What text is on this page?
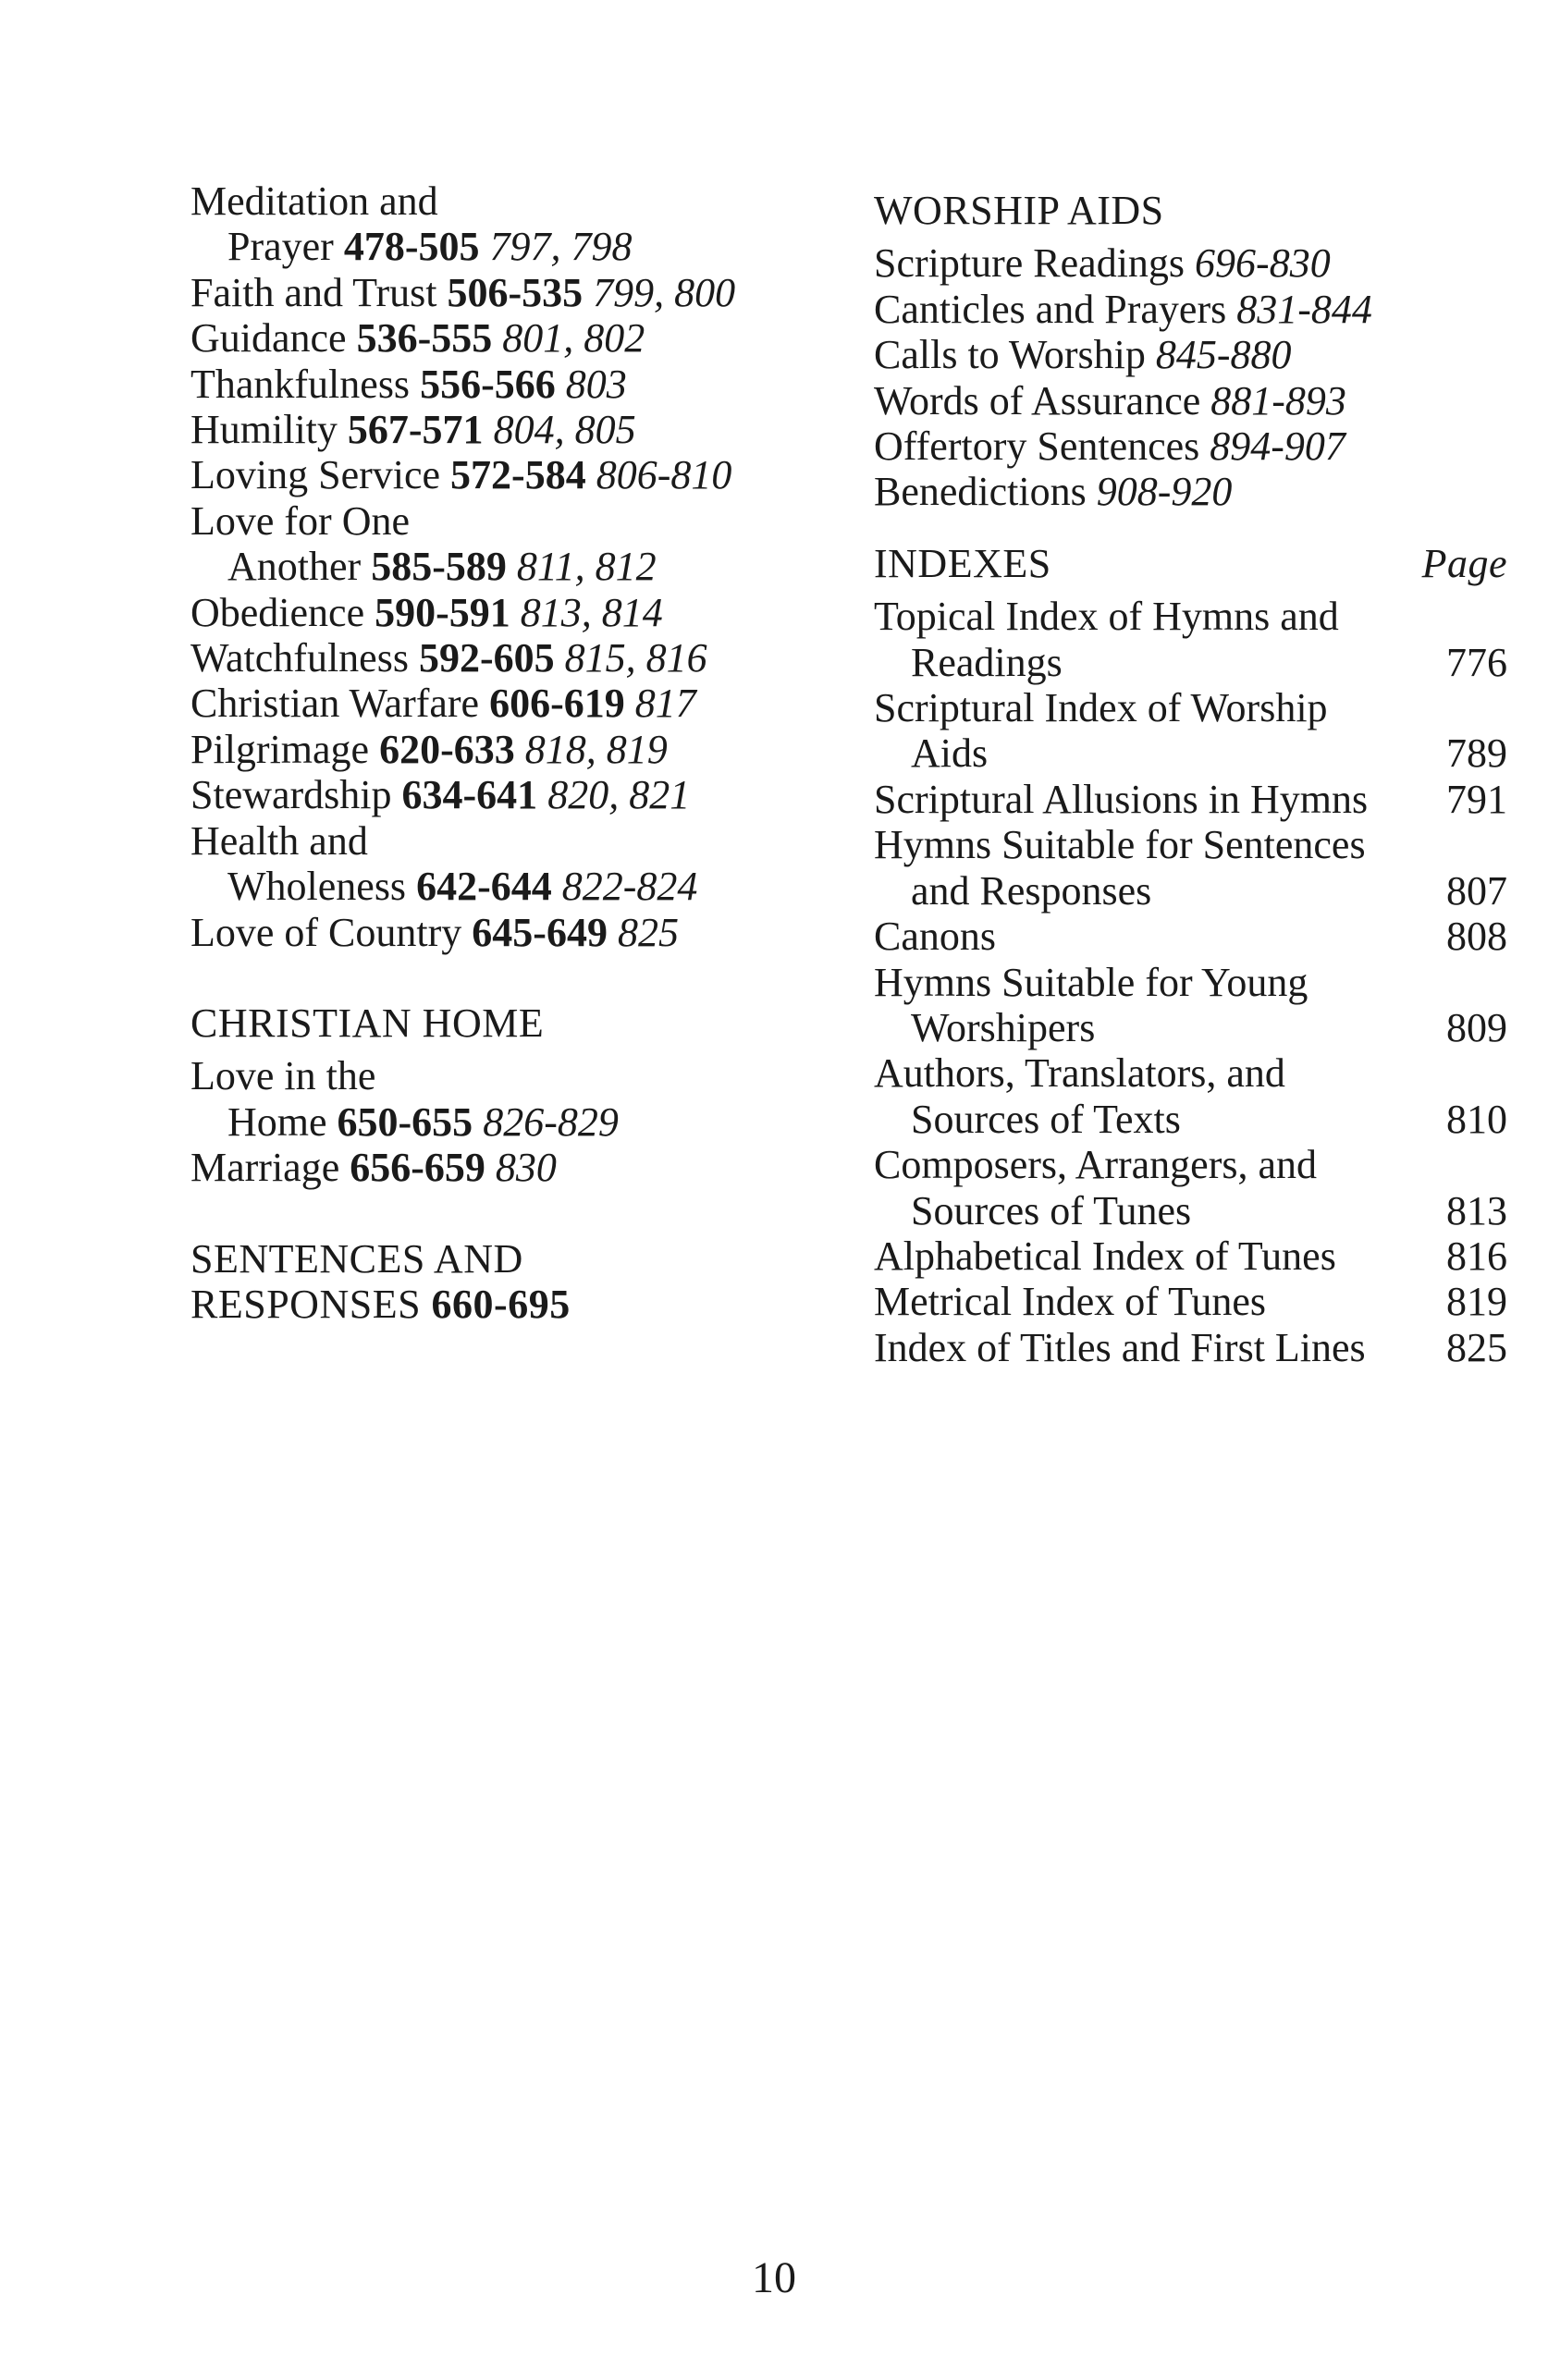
Meditation and
Prayer 478-505 797, 798
Faith and Trust 506-535 799, 800
Guidance 536-555 801, 802
Thankfulness 556-566 803
Humility 567-571 804, 805
Loving Service 572-584 806-810
Love for One
Another 585-589 811, 812
Obedience 590-591 813, 814
Watchfulness 592-605 815, 816
Christian Warfare 606-619 817
Pilgrimage 620-633 818, 819
Stewardship 634-641 820, 821
Health and
Wholeness 642-644 822-824
Love of Country 645-649 825
CHRISTIAN HOME
Love in the
Home 650-655 826-829
Marriage 656-659 830
SENTENCES AND
RESPONSES 660-695
WORSHIP AIDS
Scripture Readings 696-830
Canticles and Prayers 831-844
Calls to Worship 845-880
Words of Assurance 881-893
Offertory Sentences 894-907
Benedictions 908-920
INDEXES	Page
Topical Index of Hymns and
Readings	776
Scriptural Index of Worship
Aids	789
Scriptural Allusions in Hymns 791
Hymns Suitable for Sentences
and Responses	807
Canons	808
Hymns Suitable for Young
Worshipers	809
Authors, Translators, and
Sources of Texts	810
Composers, Arrangers, and
Sources of Tunes	813
Alphabetical Index of Tunes	816
Metrical Index of Tunes	819
Index of Titles and First Lines 825
10
